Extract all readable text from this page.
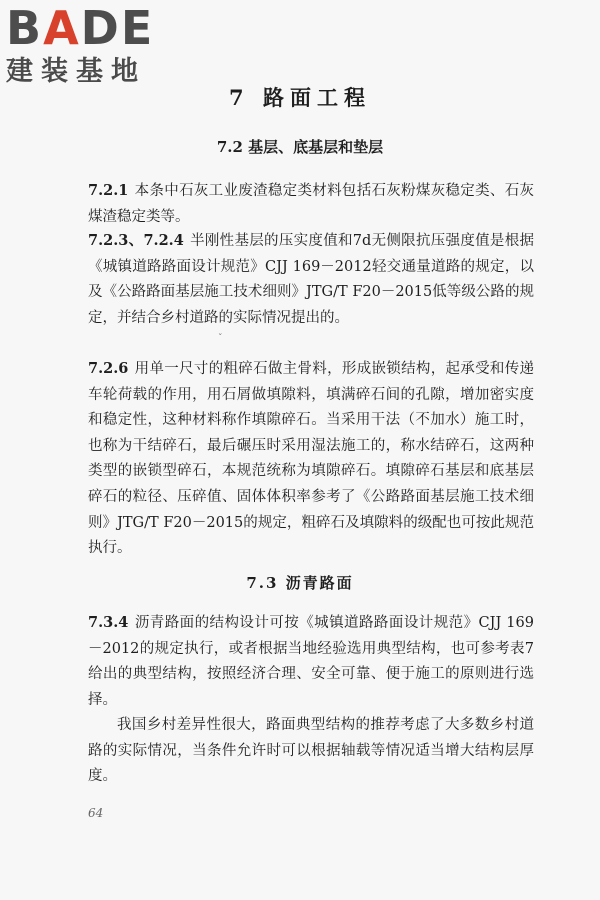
BADE
建装基地
7 路面工程
7.2 基层、底基层和垫层

7.2.1 本条中石灰工业废渣稳定类材料包括石灰粉煤灰稳定类、石灰煤渣稳定类等。

7.2.3、7.2.4 半刚性基层的压实度值和7d无侧限抗压强度值是根据《城镇道路路面设计规范》CJJ 169－2012轻交通量道路的规定，以及《公路路面基层施工技术细则》JTG/T F20－2015低等级公路的规定，并结合乡村道路的实际情况提出的。

ˇ

7.2.6 用单一尺寸的粗碎石做主骨料，形成嵌锁结构，起承受和传递车轮荷载的作用，用石屑做填隙料，填满碎石间的孔隙，增加密实度和稳定性，这种材料称作填隙碎石。当采用干法（不加水）施工时，也称为干结碎石，最后碾压时采用湿法施工的，称水结碎石，这两种类型的嵌锁型碎石，本规范统称为填隙碎石。填隙碎石基层和底基层碎石的粒径、压碎值、固体体积率参考了《公路路面基层施工技术细则》JTG/T F20－2015的规定，粗碎石及填隙料的级配也可按此规范执行。

7.3 沥青路面

7.3.4 沥青路面的结构设计可按《城镇道路路面设计规范》CJJ 169－2012的规定执行，或者根据当地经验选用典型结构，也可参考表7给出的典型结构，按照经济合理、安全可靠、便于施工的原则进行选择。

我国乡村差异性很大，路面典型结构的推荐考虑了大多数乡村道路的实际情况，当条件允许时可以根据轴载等情况适当增大结构层厚度。

64
